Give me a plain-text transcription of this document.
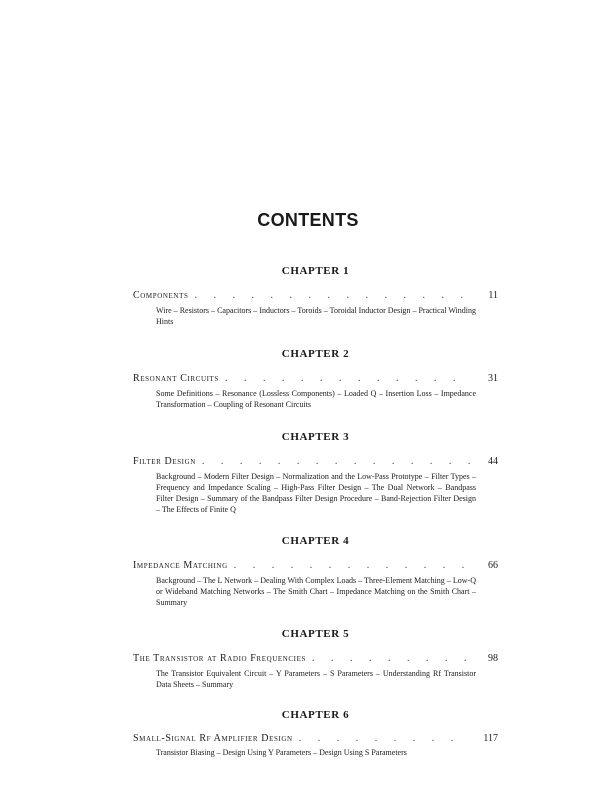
CONTENTS
CHAPTER 1
Components . . .	11
Wire – Resistors – Capacitors – Inductors – Toroids – Toroidal Inductor Design – Practical Winding Hints
CHAPTER 2
Resonant Circuits . . .	31
Some Definitions – Resonance (Lossless Components) – Loaded Q – Insertion Loss – Impedance Transformation – Coupling of Resonant Circuits
CHAPTER 3
Filter Design . . .	44
Background – Modern Filter Design – Normalization and the Low-Pass Prototype – Filter Types – Frequency and Impedance Scaling – High-Pass Filter Design – The Dual Network – Bandpass Filter Design – Summary of the Bandpass Filter Design Procedure – Band-Rejection Filter Design – The Effects of Finite Q
CHAPTER 4
Impedance Matching . . .	66
Background – The L Network – Dealing With Complex Loads – Three-Element Matching – Low-Q or Wideband Matching Networks – The Smith Chart – Impedance Matching on the Smith Chart – Summary
CHAPTER 5
The Transistor at Radio Frequencies . . .	98
The Transistor Equivalent Circuit – Y Parameters – S Parameters – Understanding Rf Transistor Data Sheets – Summary
CHAPTER 6
Small-Signal Rf Amplifier Design . . .	117
Transistor Biasing – Design Using Y Parameters – Design Using S Parameters
